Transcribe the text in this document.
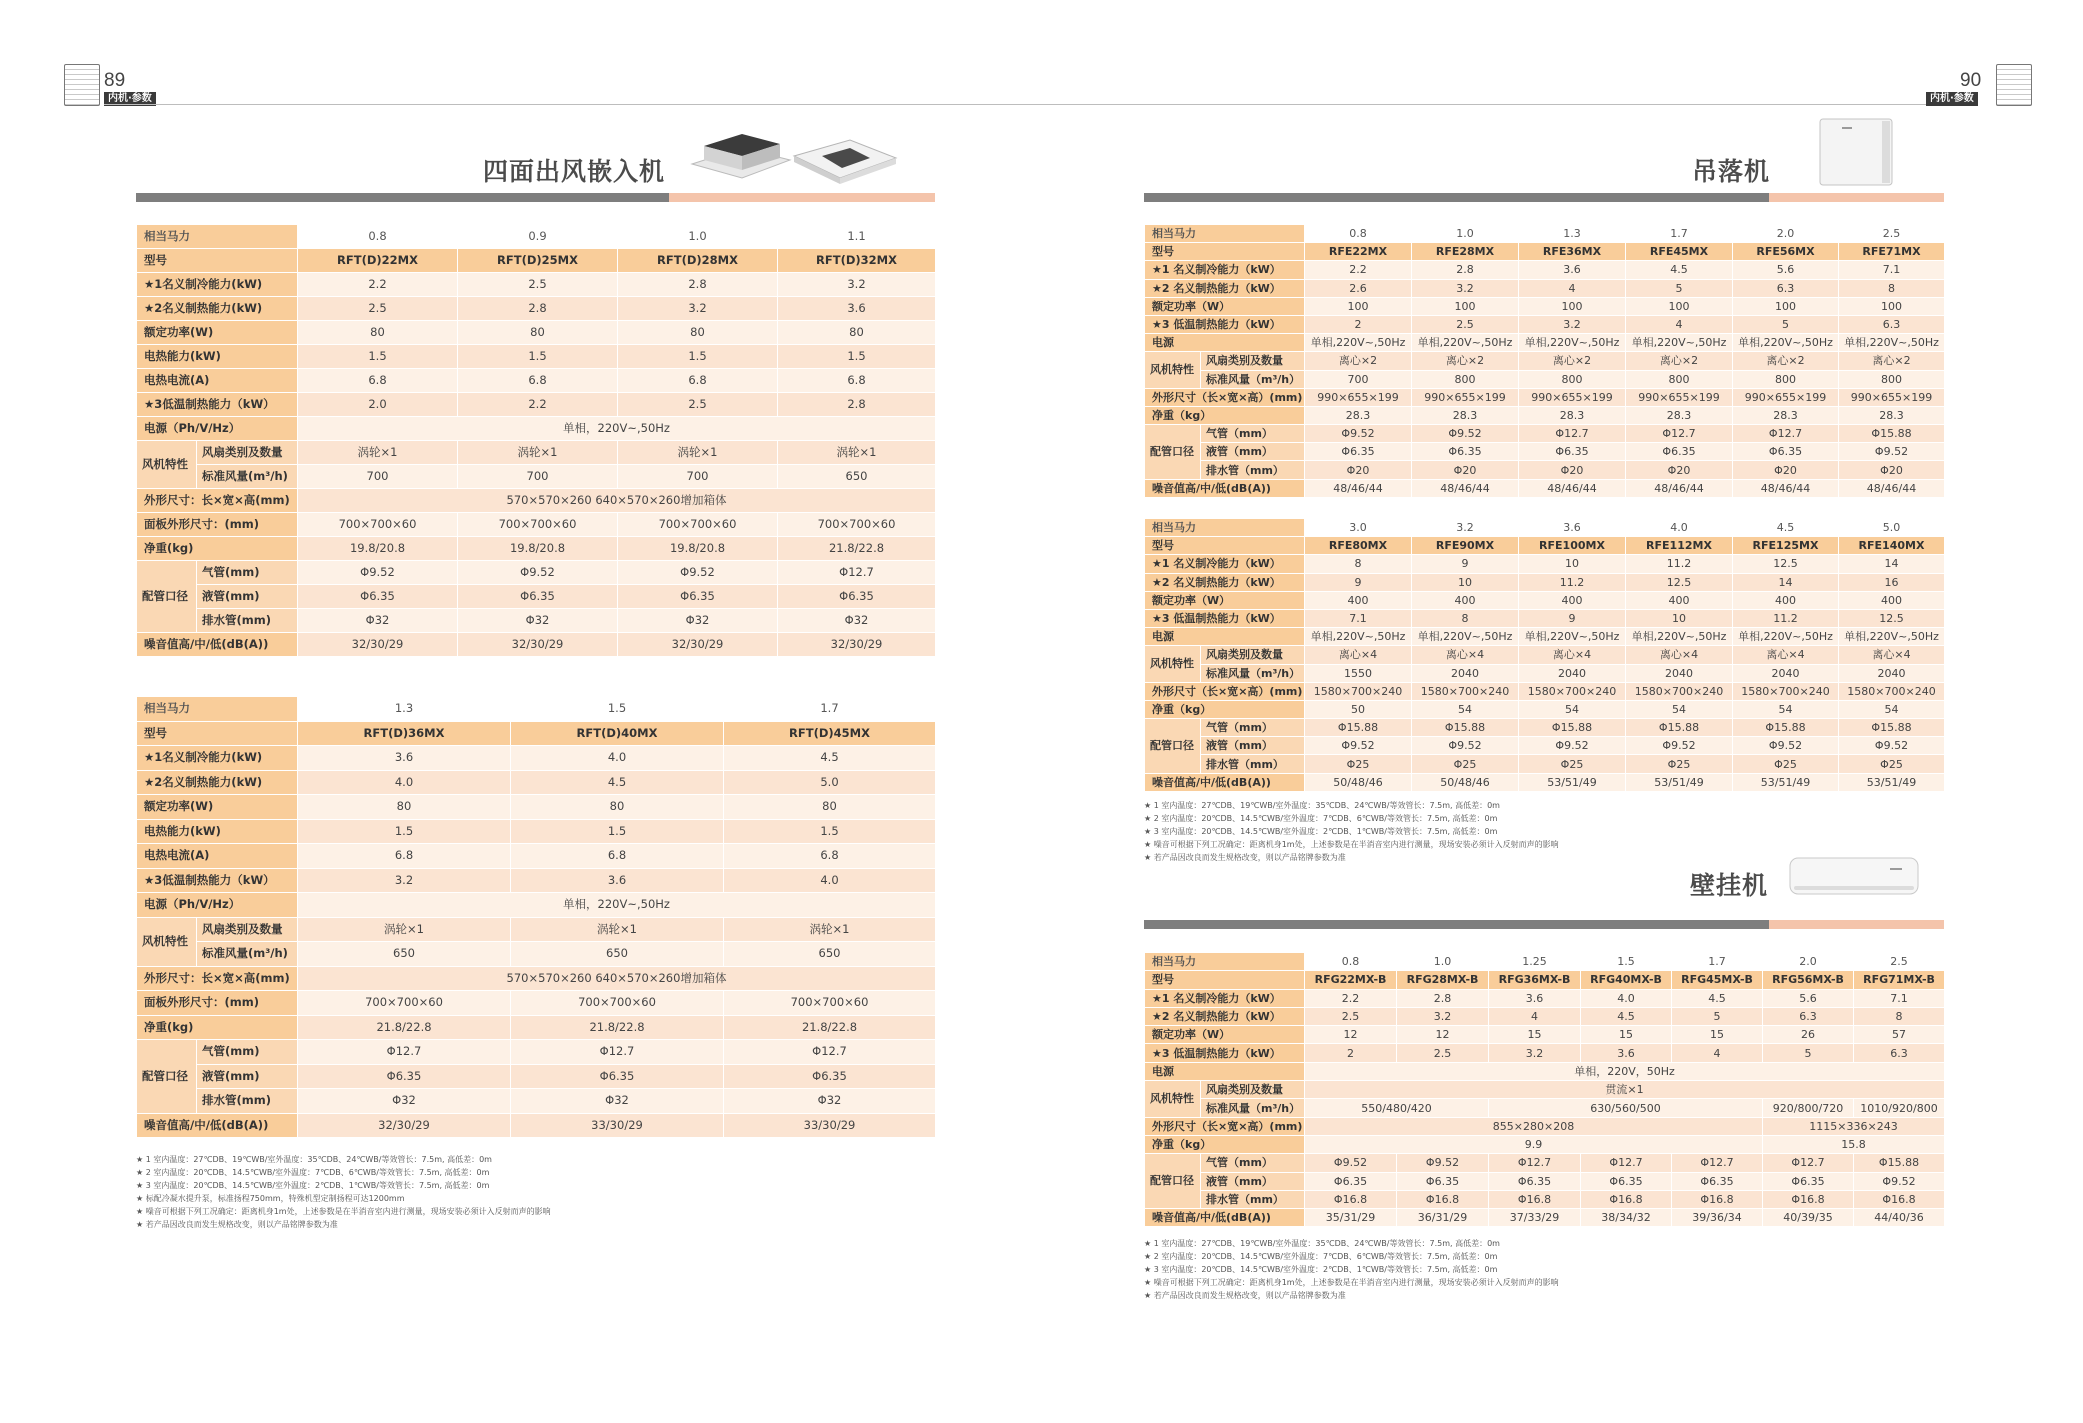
89
内机·参数
90
内机·参数
四面出风嵌入机
相当马力		0.8	0.9	1.0	1.1
型号		RFT(D)22MX	RFT(D)25MX	RFT(D)28MX	RFT(D)32MX
★1名义制冷能力(kW)		2.2	2.5	2.8	3.2
★2名义制热能力(kW)		2.5	2.8	3.2	3.6
额定功率(W)		80	80	80	80
电热能力(kW)		1.5	1.5	1.5	1.5
电热电流(A)		6.8	6.8	6.8	6.8
★3低温制热能力（kW）		2.0	2.2	2.5	2.8
电源（Ph/V/Hz）		单相，220V~,50Hz			
风机特性	风扇类别及数量	涡轮×1	涡轮×1	涡轮×1	涡轮×1
	标准风量(m³/h)	700	700	700	650
外形尺寸：长×宽×高(mm)		570×570×260 640×570×260增加箱体			
面板外形尺寸：(mm)		700×700×60	700×700×60	700×700×60	700×700×60
净重(kg)		19.8/20.8	19.8/20.8	19.8/20.8	21.8/22.8
配管口径	气管(mm)	Φ9.52	Φ9.52	Φ9.52	Φ12.7
	液管(mm)	Φ6.35	Φ6.35	Φ6.35	Φ6.35
	排水管(mm)	Φ32	Φ32	Φ32	Φ32
噪音值高/中/低(dB(A))		32/30/29	32/30/29	32/30/29	32/30/29
相当马力		1.3	1.5	1.7
型号		RFT(D)36MX	RFT(D)40MX	RFT(D)45MX
★1名义制冷能力(kW)		3.6	4.0	4.5
★2名义制热能力(kW)		4.0	4.5	5.0
额定功率(W)		80	80	80
电热能力(kW)		1.5	1.5	1.5
电热电流(A)		6.8	6.8	6.8
★3低温制热能力（kW）		3.2	3.6	4.0
电源（Ph/V/Hz）		单相，220V~,50Hz		
风机特性	风扇类别及数量	涡轮×1	涡轮×1	涡轮×1
	标准风量(m³/h)	650	650	650
外形尺寸：长×宽×高(mm)		570×570×260 640×570×260增加箱体		
面板外形尺寸：(mm)		700×700×60	700×700×60	700×700×60
净重(kg)		21.8/22.8	21.8/22.8	21.8/22.8
配管口径	气管(mm)	Φ12.7	Φ12.7	Φ12.7
	液管(mm)	Φ6.35	Φ6.35	Φ6.35
	排水管(mm)	Φ32	Φ32	Φ32
噪音值高/中/低(dB(A))		32/30/29	33/30/29	33/30/29
★ 1 室内温度：27℃DB、19℃WB/室外温度：35℃DB、24℃WB/等效管长：7.5m, 高低差：0m
★ 2 室内温度：20℃DB、14.5℃WB/室外温度：7℃DB、6℃WB/等效管长：7.5m, 高低差：0m
★ 3 室内温度：20℃DB、14.5℃WB/室外温度：2℃DB、1℃WB/等效管长：7.5m, 高低差：0m
★ 标配冷凝水提升泵，标准扬程750mm，特殊机型定制扬程可达1200mm
★ 噪音可根据下列工况确定：距离机身1m处，上述参数是在半消音室内进行测量，现场安装必须计入反射而声的影响
★ 若产品因改良而发生规格改变，则以产品铭牌参数为准
吊落机
相当马力		0.8	1.0	1.3	1.7	2.0	2.5
型号		RFE22MX	RFE28MX	RFE36MX	RFE45MX	RFE56MX	RFE71MX
★1 名义制冷能力（kW）		2.2	2.8	3.6	4.5	5.6	7.1
★2 名义制热能力（kW）		2.6	3.2	4	5	6.3	8
额定功率（W）		100	100	100	100	100	100
★3 低温制热能力（kW）		2	2.5	3.2	4	5	6.3
电源		单相,220V~,50Hz	单相,220V~,50Hz	单相,220V~,50Hz	单相,220V~,50Hz	单相,220V~,50Hz	单相,220V~,50Hz
风机特性	风扇类别及数量	离心×2	离心×2	离心×2	离心×2	离心×2	离心×2
	标准风量（m³/h）	700	800	800	800	800	800
外形尺寸（长×宽×高）(mm)		990×655×199	990×655×199	990×655×199	990×655×199	990×655×199	990×655×199
净重（kg）		28.3	28.3	28.3	28.3	28.3	28.3
配管口径	气管（mm）	Φ9.52	Φ9.52	Φ12.7	Φ12.7	Φ12.7	Φ15.88
	液管（mm）	Φ6.35	Φ6.35	Φ6.35	Φ6.35	Φ6.35	Φ9.52
	排水管（mm）	Φ20	Φ20	Φ20	Φ20	Φ20	Φ20
噪音值高/中/低(dB(A))		48/46/44	48/46/44	48/46/44	48/46/44	48/46/44	48/46/44
相当马力		3.0	3.2	3.6	4.0	4.5	5.0
型号		RFE80MX	RFE90MX	RFE100MX	RFE112MX	RFE125MX	RFE140MX
★1 名义制冷能力（kW）		8	9	10	11.2	12.5	14
★2 名义制热能力（kW）		9	10	11.2	12.5	14	16
额定功率（W）		400	400	400	400	400	400
★3 低温制热能力（kW）		7.1	8	9	10	11.2	12.5
电源		单相,220V~,50Hz	单相,220V~,50Hz	单相,220V~,50Hz	单相,220V~,50Hz	单相,220V~,50Hz	单相,220V~,50Hz
风机特性	风扇类别及数量	离心×4	离心×4	离心×4	离心×4	离心×4	离心×4
	标准风量（m³/h）	1550	2040	2040	2040	2040	2040
外形尺寸（长×宽×高）(mm)		1580×700×240	1580×700×240	1580×700×240	1580×700×240	1580×700×240	1580×700×240
净重（kg）		50	54	54	54	54	54
配管口径	气管（mm）	Φ15.88	Φ15.88	Φ15.88	Φ15.88	Φ15.88	Φ15.88
	液管（mm）	Φ9.52	Φ9.52	Φ9.52	Φ9.52	Φ9.52	Φ9.52
	排水管（mm）	Φ25	Φ25	Φ25	Φ25	Φ25	Φ25
噪音值高/中/低(dB(A))		50/48/46	50/48/46	53/51/49	53/51/49	53/51/49	53/51/49
★ 1 室内温度：27℃DB、19℃WB/室外温度：35℃DB、24℃WB/等效管长：7.5m, 高低差：0m
★ 2 室内温度：20℃DB、14.5℃WB/室外温度：7℃DB、6℃WB/等效管长：7.5m, 高低差：0m
★ 3 室内温度：20℃DB、14.5℃WB/室外温度：2℃DB、1℃WB/等效管长：7.5m, 高低差：0m
★ 噪音可根据下列工况确定：距离机身1m处，上述参数是在半消音室内进行测量，现场安装必须计入反射而声的影响
★ 若产品因改良而发生规格改变，则以产品铭牌参数为准
壁挂机
相当马力		0.8	1.0	1.25	1.5	1.7	2.0	2.5
型号		RFG22MX-B	RFG28MX-B	RFG36MX-B	RFG40MX-B	RFG45MX-B	RFG56MX-B	RFG71MX-B
★1 名义制冷能力（kW）		2.2	2.8	3.6	4.0	4.5	5.6	7.1
★2 名义制热能力（kW）		2.5	3.2	4	4.5	5	6.3	8
额定功率（W）		12	12	15	15	15	26	57
★3 低温制热能力（kW）		2	2.5	3.2	3.6	4	5	6.3
电源		单相，220V，50Hz						
风机特性	风扇类别及数量	贯流×1						
	标准风量（m³/h）	550/480/420		630/560/500			920/800/720	1010/920/800
外形尺寸（长×宽×高）(mm)		855×280×208					1115×336×243	
净重（kg）		9.9					15.8	
配管口径	气管（mm）	Φ9.52	Φ9.52	Φ12.7	Φ12.7	Φ12.7	Φ12.7	Φ15.88
	液管（mm）	Φ6.35	Φ6.35	Φ6.35	Φ6.35	Φ6.35	Φ6.35	Φ9.52
	排水管（mm）	Φ16.8	Φ16.8	Φ16.8	Φ16.8	Φ16.8	Φ16.8	Φ16.8
噪音值高/中/低(dB(A))		35/31/29	36/31/29	37/33/29	38/34/32	39/36/34	40/39/35	44/40/36
★ 1 室内温度：27℃DB、19℃WB/室外温度：35℃DB、24℃WB/等效管长：7.5m, 高低差：0m
★ 2 室内温度：20℃DB、14.5℃WB/室外温度：7℃DB、6℃WB/等效管长：7.5m, 高低差：0m
★ 3 室内温度：20℃DB、14.5℃WB/室外温度：2℃DB、1℃WB/等效管长：7.5m, 高低差：0m
★ 噪音可根据下列工况确定：距离机身1m处，上述参数是在半消音室内进行测量，现场安装必须计入反射而声的影响
★ 若产品因改良而发生规格改变，则以产品铭牌参数为准
